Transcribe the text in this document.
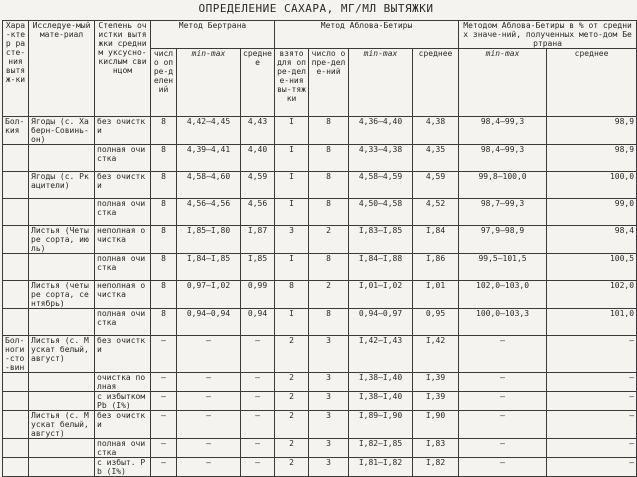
ОПРЕДЕЛЕНИЕ САХАРА, МГ/МЛ ВЫТЯЖКИ
Хара-ктер расте-ния вытяж-ки	Исследуе-мый мате-риал	Степень очистки вытяжки средним уксусно-кислым свинцом	Метод Бертрана			Метод Аблова-Бетиры				Методом Аблова-Бетиры в % от средних значе-ний, полученных мето-дом Бертрана	
			число опре-делений	min-max	среднее	взято для опре-деле-ния вы-тяжки	число опре-деле-ний	min-max	среднее	min-max	среднее
Бол-кия	Ягоды (с. Хаберн-Совинь-он)	без очистки	8	4,42–4,45	4,43	I	8	4,36–4,40	4,38	98,4–99,3	98,9
		полная очистка	8	4,39–4,41	4,40	I	8	4,33–4,38	4,35	98,4–99,3	98,9
	Ягоды (с. Ркацители)	без очистки	8	4,58–4,60	4,59	I	8	4,58–4,59	4,59	99,8–100,0	100,0
		полная очистка	8	4,56–4,56	4,56	I	8	4,50–4,58	4,52	98,7–99,3	99,0
	Листья (Четыре сорта, июль)	неполная очистка	8	I,85–I,80	I,87	3	2	I,83–I,85	I,84	97,9–98,9	98,4
		полная очистка	8	I,84–I,85	I,85	I	8	I,84–I,88	I,86	99,5–101,5	100,5
	Листья (четыре сорта, сентябрь)	неполная очистка	8	0,97–I,02	0,99	8	2	I,01–I,02	I,01	102,0–103,0	102,0
		полная очистка	8	0,94–0,94	0,94	I	8	0,94–0,97	0,95	100,0–103,3	101,0
Бол-ноги-сто-вин	Листья (с. Мускат белый, август)	без очистки	–	–	–	2	3	I,42–I,43	I,42	–	–
		очистка полная	–	–	–	2	3	I,38–I,40	I,39	–	–
		с избытком Pb (I%)	–	–	–	2	3	I,38–I,40	I,39	–	–
	Листья (с. Мускат белый, август)	без очистки	–	–	–	2	3	I,89–I,90	I,90	–	–
		полная очистка	–	–	–	2	3	I,82–I,85	I,83	–	–
		с избыт. Pb (I%)	–	–	–	2	3	I,81–I,82	I,82	–	–
